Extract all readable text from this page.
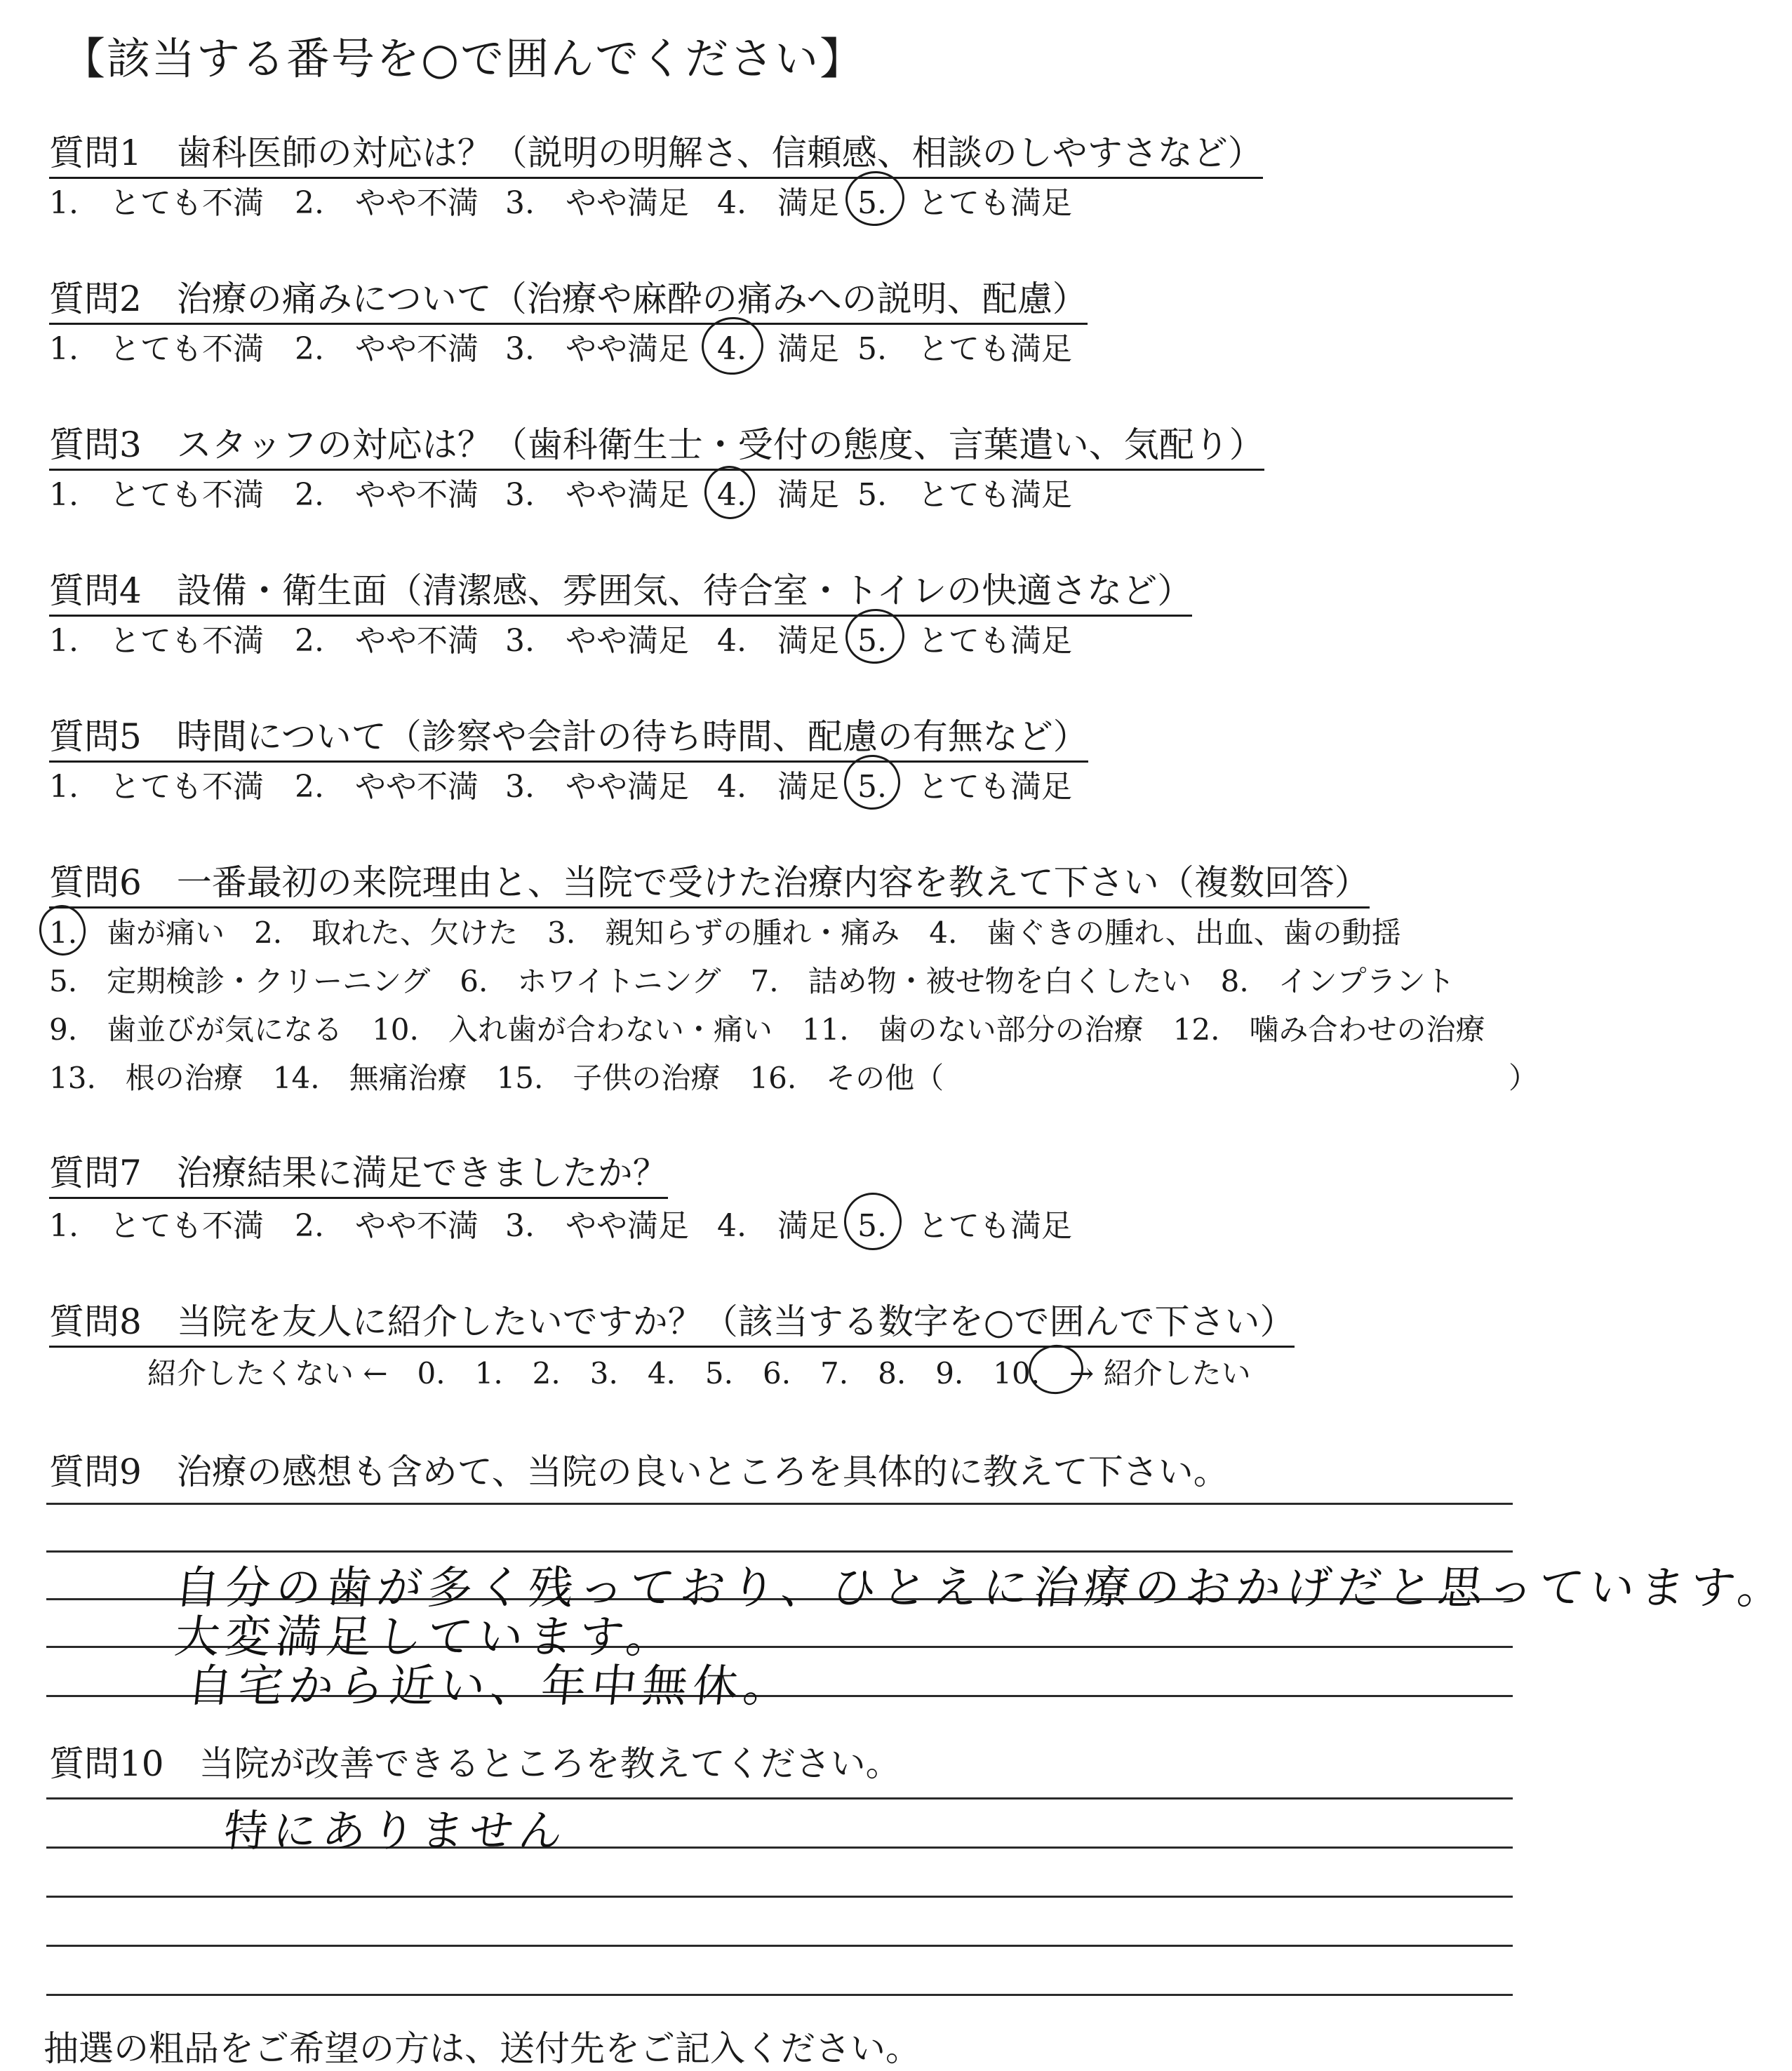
【該当する番号を○で囲んでください】
質問1　歯科医師の対応は？（説明の明解さ、信頼感、相談のしやすさなど）
1.　とても不満 2.　やや不満 3.　やや満足 4.　満足 5.　とても満足
質問2　治療の痛みについて（治療や麻酔の痛みへの説明、配慮）
1.　とても不満 2.　やや不満 3.　やや満足 4.　満足 5.　とても満足
質問3　スタッフの対応は？（歯科衛生士・受付の態度、言葉遣い、気配り）
1.　とても不満 2.　やや不満 3.　やや満足 4.　満足 5.　とても満足
質問4　設備・衛生面（清潔感、雰囲気、待合室・トイレの快適さなど）
1.　とても不満 2.　やや不満 3.　やや満足 4.　満足 5.　とても満足
質問5　時間について（診察や会計の待ち時間、配慮の有無など）
1.　とても不満 2.　やや不満 3.　やや満足 4.　満足 5.　とても満足
質問6　一番最初の来院理由と、当院で受けた治療内容を教えて下さい（複数回答）
1.　歯が痛い　2.　取れた、欠けた　3.　親知らずの腫れ・痛み　4.　歯ぐきの腫れ、出血、歯の動揺
5.　定期検診・クリーニング　6.　ホワイトニング　7.　詰め物・被せ物を白くしたい　8.　インプラント
9.　歯並びが気になる　10.　入れ歯が合わない・痛い　11.　歯のない部分の治療　12.　噛み合わせの治療
13.　根の治療　14.　無痛治療　15.　子供の治療　16.　その他（	）
質問7　治療結果に満足できましたか？
1.　とても不満 2.　やや不満 3.　やや満足 4.　満足 5.　とても満足
質問8　当院を友人に紹介したいですか？（該当する数字を○で囲んで下さい）
紹介したくない ←　0.　1.　2.　3.　4.　5.　6.　7.　8.　9.　10.　→ 紹介したい
質問9　治療の感想も含めて、当院の良いところを具体的に教えて下さい。
自分の歯が多く残っており、ひとえに治療のおかげだと思っています。
大変満足しています。
自宅から近い、年中無休。
質問10　当院が改善できるところを教えてください。
特にありません
抽選の粗品をご希望の方は、送付先をご記入ください。
